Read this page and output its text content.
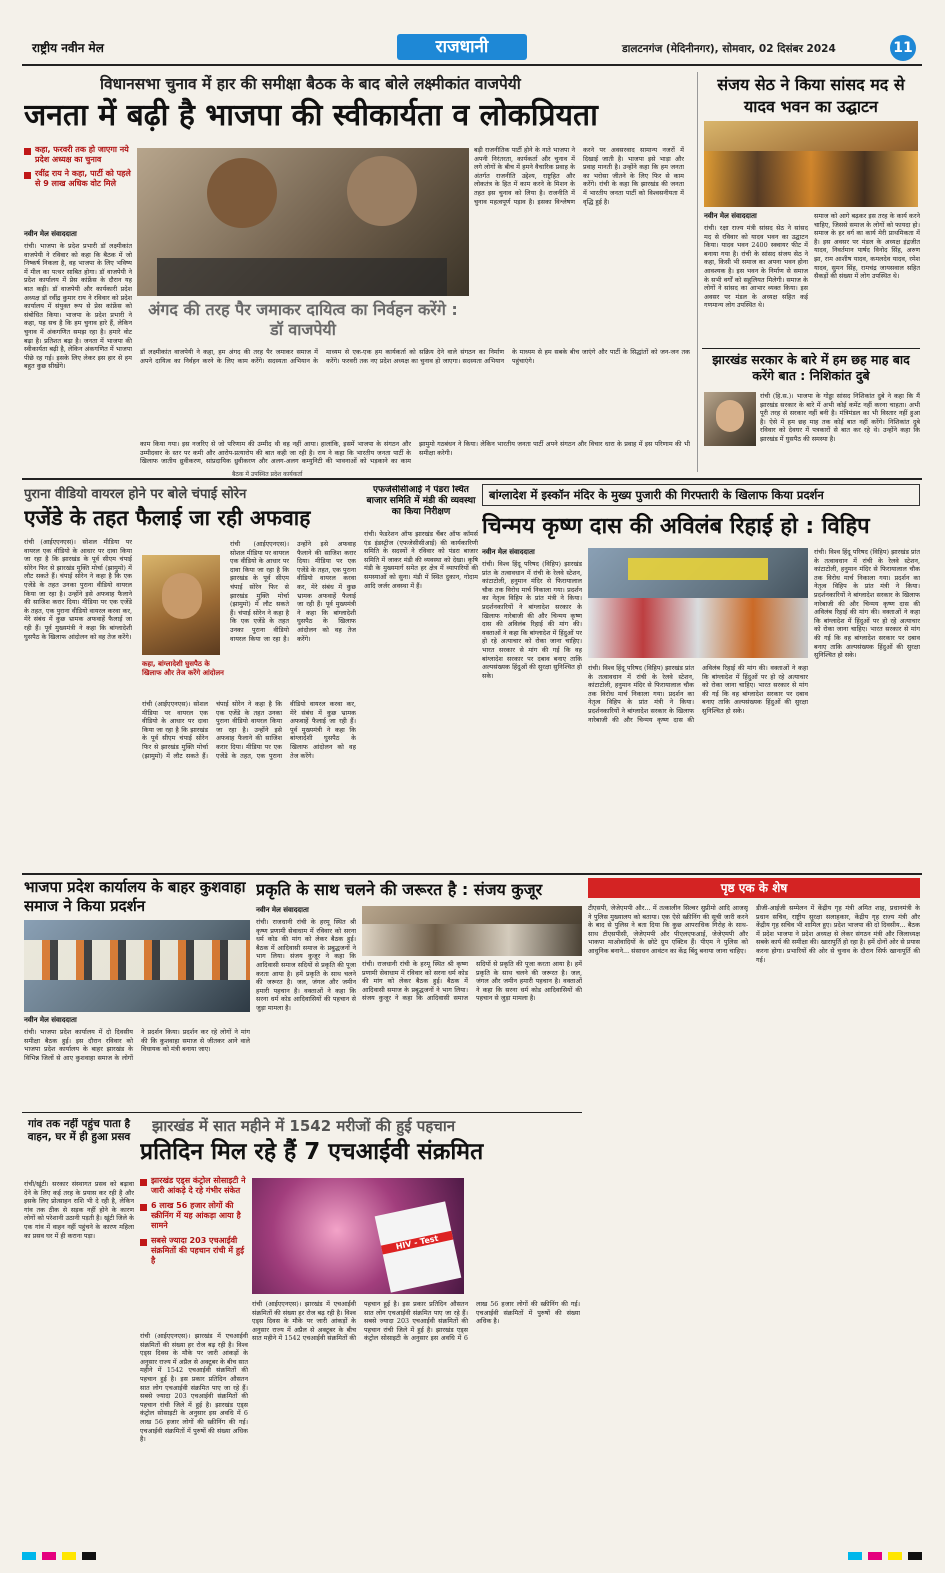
राष्ट्रीय नवीन मेल	राजधानी	डालटनगंज (मेदिनीनगर), सोमवार, 02 दिसंबर 2024	11
विधानसभा चुनाव में हार की समीक्षा बैठक के बाद बोले लक्ष्मीकांत वाजपेयी
जनता में बढ़ी है भाजपा की स्वीकार्यता व लोकप्रियता
कहा, फरवरी तक हो जाएगा नये प्रदेश अध्यक्ष का चुनाव
रवींद्र राय ने कहा, पार्टी को पहले से 9 लाख अधिक वोट मिले
नवीन मेल संवाददाता
रांची। भाजपा के प्रदेश प्रभारी डॉ लक्ष्मीकांत वाजपेयी ने रविवार को कहा कि बैठक में जो निष्कर्ष निकला है, वह भाजपा के लिए भविष्य में मील का पत्थर साबित होगा। डॉ वाजपेयी ने प्रदेश कार्यालय में प्रेस कांफ्रेंस के दौरान यह बात कही। डॉ वाजपेयी और कार्यकारी प्रदेश अध्यक्ष डॉ रवींद्र कुमार राय ने रविवार को प्रदेश कार्यालय में संयुक्त रूप से प्रेस कांफ्रेंस को संबोधित किया। भाजपा के प्रदेश प्रभारी ने कहा, यह सच है कि हम चुनाव हारे हैं, लेकिन चुनाव में अंकगणित समझ रहा है। हमारे वोट बढ़ा है। प्रतिशत बढ़ा है। जनता में भाजपा की स्वीकार्यता बढ़ी है, लेकिन अंकगणित में भाजपा पीछे रह गई। इसके लिए लेकर इस हार से हम बहुत कुछ सीखेंगे।
अंगद की तरह पैर जमाकर दायित्व का निर्वहन करेंगे : डॉ वाजपेयी
बड़ी राजनीतिक पार्टी होने के नाते भाजपा ने अपनी निरंतरता, कार्यकर्ता और चुनाव में लगे लोगों के बीच में हमने वैचारिक प्रवाह के अंतर्गत राजनीति उद्देश्य, राष्ट्रहित और लोकतंत्र के हित में काम करने के मिशन के तहत इस चुनाव को लिया है। राजनीति में चुनाव महत्वपूर्ण पड़ाव है। इसका विश्लेषण करने पर अवसरवाद सामान्य नजरों में दिखाई जाती है। भाजपा इसे भाड़ा और प्रवाह मानती है। उन्होंने कहा कि हम जनता का भरोसा जीतने के लिए फिर से काम करेंगे। रांची के कहा कि झारखंड की जनता में भारतीय जनता पार्टी को विश्वसनीयता में वृद्धि हुई है।
डॉ लक्ष्मीकांत वाजपेयी ने कहा, हम अंगद की तरह पैर जमाकर समाज में अपने दायित्व का निर्वहन करने के लिए काम करेंगे। सदस्यता अभियान के माध्यम से एक-एक हम कार्यकर्ता को सक्रिय देने वाले संगठन का निर्माण करेंगे। फरवरी तक नए प्रदेश अध्यक्ष का चुनाव हो जाएगा। सदस्यता अभियान के माध्यम से हम सबके बीच जाएंगे और पार्टी के सिद्धांतों को जन-जन तक पहुंचाएंगे।
काम किया गया। इस नजरिए से जो परिणाम की उम्मीद थी वह नहीं आया। हालांकि, इसमें भाजपा के संगठन और उम्मीदवार के स्तर पर कमी और आरोप-प्रत्यारोप की बात कही जा रही है। राय ने कहा कि भारतीय जनता पार्टी के खिलाफ जातीय ध्रुवीकरण, सांप्रदायिक ध्रुवीकरण और अलग-अलग कम्युनिटी की भावनाओं को भड़काने का काम झामुमो गठबंधन ने किया। लेकिन भारतीय जनता पार्टी अपने संगठन और विचार धारा के प्रवाह में इस परिणाम की भी समीक्षा करेगी।
बैठक में उपस्थित प्रदेश कार्यकर्ता
संजय सेठ ने किया सांसद मद से यादव भवन का उद्घाटन
नवीन मेल संवाददाता
रांची। रक्षा राज्य मंत्री सांसद सेठ ने सांसद मद से रविवार को यादव भवन का उद्घाटन किया। यादव भवन 2400 स्क्वायर फीट में बनाया गया है। रांची के सांसद संजय सेठ ने कहा, किसी भी समाज का अपना भवन होना आवश्यक है। इस भवन के निर्माण से समाज के सभी वर्गों को सहूलियत मिलेगी। समाज के लोगों ने सांसद का आभार व्यक्त किया। इस अवसर पर मंडल के अध्यक्ष सहित कई गणमान्य लोग उपस्थित थे।
समाज को आगे बढ़कर इस तरह के कार्य करने चाहिए, जिससे समाज के लोगों को फायदा हो। समाज के हर वर्ग का कार्य मेरी प्राथमिकता में है। इस अवसर पर मंडल के अध्यक्ष इंद्रजीत यादव, निवर्तमान पार्षद विनोद सिंह, अरुण झा, राम आशीष यादव, कमलदेव यादव, रमेश यादव, सुमन सिंह, रामचंद्र जायसवाल सहित सैकड़ों की संख्या में लोग उपस्थित थे।
झारखंड सरकार के बारे में हम छह माह बाद करेंगे बात : निशिकांत दुबे
रांची (हि.स.)। भाजपा के गोड्डा सांसद निशिकांत दुबे ने कहा कि मैं झारखंड सरकार के बारे में अभी कोई कमेंट नहीं करना चाहता। अभी पूरी तरह से सरकार नहीं बनी है। मंत्रिमंडल का भी विस्तार नहीं हुआ है। ऐसे में हम छह माह तक कोई बात नहीं करेंगे। निशिकांत दुबे रविवार को देवघर में पत्रकारों से बात कर रहे थे। उन्होंने कहा कि झारखंड में घुसपैठ की समस्या है।
पुराना वीडियो वायरल होने पर बोले चंपाई सोरेन
एजेंडे के तहत फैलाई जा रही अफवाह
रांची (आईएएनएस)। सोशल मीडिया पर वायरल एक वीडियो के आधार पर दावा किया जा रहा है कि झारखंड के पूर्व सीएम चंपाई सोरेन फिर से झारखंड मुक्ति मोर्चा (झामुमो) में लौट सकते हैं। चंपाई सोरेन ने कहा है कि एक एजेंडे के तहत उनका पुराना वीडियो वायरल किया जा रहा है। उन्होंने इसे अफवाह फैलाने की साजिश करार दिया। मीडिया पर एक एजेंडे के तहत, एक पुराना वीडियो वायरल करवा कर, मेरे संबंध में कुछ भ्रामक अफवाहें फैलाई जा रही हैं। पूर्व मुख्यमंत्री ने कहा कि बांग्लादेशी घुसपैठ के खिलाफ आंदोलन को वह तेज करेंगे।
कहा, बांग्लादेशी घुसपैठ के खिलाफ और तेज करेंगे आंदोलन
रांची (आईएएनएस)। सोशल मीडिया पर वायरल एक वीडियो के आधार पर दावा किया जा रहा है कि झारखंड के पूर्व सीएम चंपाई सोरेन फिर से झारखंड मुक्ति मोर्चा (झामुमो) में लौट सकते हैं। चंपाई सोरेन ने कहा है कि एक एजेंडे के तहत उनका पुराना वीडियो वायरल किया जा रहा है। उन्होंने इसे अफवाह फैलाने की साजिश करार दिया। मीडिया पर एक एजेंडे के तहत, एक पुराना वीडियो वायरल करवा कर, मेरे संबंध में कुछ भ्रामक अफवाहें फैलाई जा रही हैं। पूर्व मुख्यमंत्री ने कहा कि बांग्लादेशी घुसपैठ के खिलाफ आंदोलन को वह तेज करेंगे।
रांची (आईएएनएस)। सोशल मीडिया पर वायरल एक वीडियो के आधार पर दावा किया जा रहा है कि झारखंड के पूर्व सीएम चंपाई सोरेन फिर से झारखंड मुक्ति मोर्चा (झामुमो) में लौट सकते हैं। चंपाई सोरेन ने कहा है कि एक एजेंडे के तहत उनका पुराना वीडियो वायरल किया जा रहा है। उन्होंने इसे अफवाह फैलाने की साजिश करार दिया। मीडिया पर एक एजेंडे के तहत, एक पुराना वीडियो वायरल करवा कर, मेरे संबंध में कुछ भ्रामक अफवाहें फैलाई जा रही हैं। पूर्व मुख्यमंत्री ने कहा कि बांग्लादेशी घुसपैठ के खिलाफ आंदोलन को वह तेज करेंगे।
एफजेसीसीआई ने पंडरा स्थित बाजार समिति में मंडी की व्यवस्था का किया निरीक्षण
रांची। फेडरेशन ऑफ झारखंड चैंबर ऑफ कॉमर्स एंड इंडस्ट्रीज (एफजेसीसीआई) की कार्यकारिणी समिति के सदस्यों ने रविवार को पंडरा बाजार समिति में जाकर मंडी की व्यवस्था को देखा। कृषि मंडी के मुख्यमार्ग समेत हर क्षेत्र में व्यापारियों की समस्याओं को सुना। मंडी में स्थित दुकान, गोदाम आदि जर्जर अवस्था में हैं।
बांग्लादेश में इस्कॉन मंदिर के मुख्य पुजारी की गिरफ्तारी के खिलाफ किया प्रदर्शन
चिन्मय कृष्ण दास की अविलंब रिहाई हो : विहिप
नवीन मेल संवाददाता
रांची। विश्व हिंदू परिषद (विहिप) झारखंड प्रांत के तत्वावधान में रांची के रेलवे स्टेशन, कांटाटोली, हनुमान मंदिर से फिरायालाल चौक तक विरोध मार्च निकाला गया। प्रदर्शन का नेतृत्व विहिप के प्रांत मंत्री ने किया। प्रदर्शनकारियों ने बांग्लादेश सरकार के खिलाफ नारेबाजी की और चिन्मय कृष्ण दास की अविलंब रिहाई की मांग की। वक्ताओं ने कहा कि बांग्लादेश में हिंदुओं पर हो रहे अत्याचार को रोका जाना चाहिए। भारत सरकार से मांग की गई कि वह बांग्लादेश सरकार पर दबाव बनाए ताकि अल्पसंख्यक हिंदुओं की सुरक्षा सुनिश्चित हो सके।
रांची। विश्व हिंदू परिषद (विहिप) झारखंड प्रांत के तत्वावधान में रांची के रेलवे स्टेशन, कांटाटोली, हनुमान मंदिर से फिरायालाल चौक तक विरोध मार्च निकाला गया। प्रदर्शन का नेतृत्व विहिप के प्रांत मंत्री ने किया। प्रदर्शनकारियों ने बांग्लादेश सरकार के खिलाफ नारेबाजी की और चिन्मय कृष्ण दास की अविलंब रिहाई की मांग की। वक्ताओं ने कहा कि बांग्लादेश में हिंदुओं पर हो रहे अत्याचार को रोका जाना चाहिए। भारत सरकार से मांग की गई कि वह बांग्लादेश सरकार पर दबाव बनाए ताकि अल्पसंख्यक हिंदुओं की सुरक्षा सुनिश्चित हो सके।
रांची। विश्व हिंदू परिषद (विहिप) झारखंड प्रांत के तत्वावधान में रांची के रेलवे स्टेशन, कांटाटोली, हनुमान मंदिर से फिरायालाल चौक तक विरोध मार्च निकाला गया। प्रदर्शन का नेतृत्व विहिप के प्रांत मंत्री ने किया। प्रदर्शनकारियों ने बांग्लादेश सरकार के खिलाफ नारेबाजी की और चिन्मय कृष्ण दास की अविलंब रिहाई की मांग की। वक्ताओं ने कहा कि बांग्लादेश में हिंदुओं पर हो रहे अत्याचार को रोका जाना चाहिए। भारत सरकार से मांग की गई कि वह बांग्लादेश सरकार पर दबाव बनाए ताकि अल्पसंख्यक हिंदुओं की सुरक्षा सुनिश्चित हो सके।
भाजपा प्रदेश कार्यालय के बाहर कुशवाहा समाज ने किया प्रदर्शन
नवीन मेल संवाददाता
रांची। भाजपा प्रदेश कार्यालय में दो दिवसीय समीक्षा बैठक हुई। इस दौरान रविवार को भाजपा प्रदेश कार्यालय के बाहर झारखंड के विभिन्न जिलों से आए कुशवाहा समाज के लोगों ने प्रदर्शन किया। प्रदर्शन कर रहे लोगों ने मांग की कि कुशवाहा समाज से जीतकर आने वाले विधायक को मंत्री बनाया जाए।
प्रकृति के साथ चलने की जरूरत है : संजय कुजूर
नवीन मेल संवाददाता
रांची। राजधानी रांची के हरमू स्थित श्री कृष्ण प्रणामी सेवाधाम में रविवार को सरना धर्म कोड की मांग को लेकर बैठक हुई। बैठक में आदिवासी समाज के प्रबुद्धजनों ने भाग लिया। संजय कुजूर ने कहा कि आदिवासी समाज सदियों से प्रकृति की पूजा करता आया है। हमें प्रकृति के साथ चलने की जरूरत है। जल, जंगल और जमीन हमारी पहचान है। वक्ताओं ने कहा कि सरना धर्म कोड आदिवासियों की पहचान से जुड़ा मामला है।
रांची। राजधानी रांची के हरमू स्थित श्री कृष्ण प्रणामी सेवाधाम में रविवार को सरना धर्म कोड की मांग को लेकर बैठक हुई। बैठक में आदिवासी समाज के प्रबुद्धजनों ने भाग लिया। संजय कुजूर ने कहा कि आदिवासी समाज सदियों से प्रकृति की पूजा करता आया है। हमें प्रकृति के साथ चलने की जरूरत है। जल, जंगल और जमीन हमारी पहचान है। वक्ताओं ने कहा कि सरना धर्म कोड आदिवासियों की पहचान से जुड़ा मामला है।
पृष्ठ एक के शेष
टीएसपी, जेजेएमपी और... में तत्कालीन सिल्वर सुप्रीमो आदि आजसू ने पुलिस मुख्यालय को बताया। एक ऐसे स्क्रीनिंग की सूची जारी करने के बाद से पुलिस ने बता दिया कि कुछ आपराधिक गिरोह के साथ-साथ टीएसपीसी, जेजेएमपी और पीएलएफआई, जेजेएमपी और भाकपा माओवादियों के छोटे ग्रुप एक्टिव हैं। पीएम ने पुलिस को आधुनिक बनाने... संसाधन आवंटन का केंद्र बिंदु बनाया जाना चाहिए।
डीजी-आईजी सम्मेलन में केंद्रीय गृह मंत्री अमित शाह, प्रधानमंत्री के प्रधान सचिव, राष्ट्रीय सुरक्षा सलाहकार, केंद्रीय गृह राज्य मंत्री और केंद्रीय गृह सचिव भी शामिल हुए। प्रदेश भाजपा की दो दिवसीय... बैठक में प्रदेश भाजपा ने प्रदेश अध्यक्ष से लेकर संगठन मंत्री और जिलाध्यक्ष सबके कार्य की समीक्षा की। खारापुर्ति हो रहा है। हमें दोनों ओर से प्रयास करना होगा। प्रभारियों की ओर से चुनाव के दौरान सिर्फ खानापूर्ति की गई।
गांव तक नहीं पहुंच पाता है वाहन, घर में ही हुआ प्रसव
रांची/खूंटी। सरकार संस्थागत प्रसव को बढ़ावा देने के लिए कई तरह के प्रयास कर रही है और इसके लिए प्रोत्साहन राशि भी दे रही है, लेकिन गांव तक ठीक से सड़क नहीं होने के कारण लोगों को परेशानी उठानी पड़ती है। खूंटी जिले के एक गांव में वाहन नहीं पहुंचने के कारण महिला का प्रसव घर में ही कराना पड़ा।
झारखंड में सात महीने में 1542 मरीजों की हुई पहचान
प्रतिदिन मिल रहे हैं 7 एचआईवी संक्रमित
झारखंड एड्स कंट्रोल सोसाइटी ने जारी आंकड़े दे रहे गंभीर संकेत
6 लाख 56 हजार लोगों की स्क्रीनिंग में यह आंकड़ा आया है सामने
सबसे ज्यादा 203 एचआईवी संक्रमितों की पहचान रांची में हुई है
रांची (आईएएनएस)। झारखंड में एचआईवी संक्रमितों की संख्या हर रोज बढ़ रही है। विश्व एड्स दिवस के मौके पर जारी आंकड़ों के अनुसार राज्य में अप्रैल से अक्टूबर के बीच सात महीने में 1542 एचआईवी संक्रमितों की पहचान हुई है। इस प्रकार प्रतिदिन औसतन सात लोग एचआईवी संक्रमित पाए जा रहे हैं। सबसे ज्यादा 203 एचआईवी संक्रमितों की पहचान रांची जिले में हुई है। झारखंड एड्स कंट्रोल सोसाइटी के अनुसार इस अवधि में 6 लाख 56 हजार लोगों की स्क्रीनिंग की गई। एचआईवी संक्रमितों में पुरुषों की संख्या अधिक है।
HIV - Test
रांची (आईएएनएस)। झारखंड में एचआईवी संक्रमितों की संख्या हर रोज बढ़ रही है। विश्व एड्स दिवस के मौके पर जारी आंकड़ों के अनुसार राज्य में अप्रैल से अक्टूबर के बीच सात महीने में 1542 एचआईवी संक्रमितों की पहचान हुई है। इस प्रकार प्रतिदिन औसतन सात लोग एचआईवी संक्रमित पाए जा रहे हैं। सबसे ज्यादा 203 एचआईवी संक्रमितों की पहचान रांची जिले में हुई है। झारखंड एड्स कंट्रोल सोसाइटी के अनुसार इस अवधि में 6 लाख 56 हजार लोगों की स्क्रीनिंग की गई। एचआईवी संक्रमितों में पुरुषों की संख्या अधिक है।
